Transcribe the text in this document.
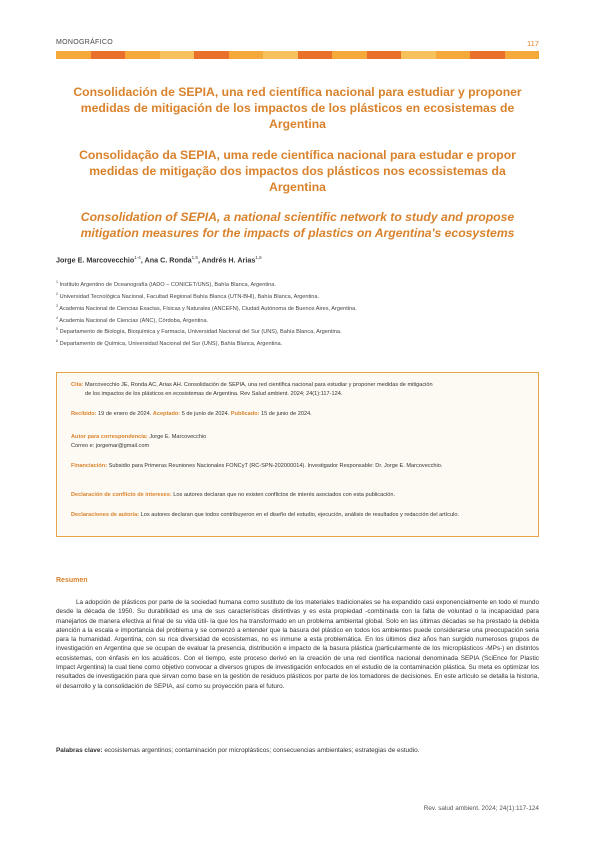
MONOGRÁFICO	117
Consolidación de SEPIA, una red científica nacional para estudiar y proponer
medidas de mitigación de los impactos de los plásticos en ecosistemas de
Argentina
Consolidação da SEPIA, uma rede científica nacional para estudar e propor
medidas de mitigação dos impactos dos plásticos nos ecossistemas da
Argentina
Consolidation of SEPIA, a national scientific network to study and propose
mitigation measures for the impacts of plastics on Argentina's ecosystems
Jorge E. Marcovecchio$^{1-4}$, Ana C. Ronda$^{1,5}$, Andrés H. Arias$^{1,6}$
$^1$ Instituto Argentino de Oceanografía (IADO – CONICET/UNS), Bahía Blanca, Argentina.
$^2$ Universidad Tecnológica Nacional, Facultad Regional Bahía Blanca (UTN-BHI), Bahía Blanca, Argentina.
$^3$ Academia Nacional de Ciencias Exactas, Físicas y Naturales (ANCEFN), Ciudad Autónoma de Buenos Aires, Argentina.
$^4$ Academia Nacional de Ciencias (ANC), Córdoba, Argentina.
$^5$ Departamento de Biología, Bioquímica y Farmacia, Universidad Nacional del Sur (UNS), Bahía Blanca, Argentina.
$^6$ Departamento de Química, Universidad Nacional del Sur (UNS), Bahía Blanca, Argentina.
Cita: Marcovecchio JE, Ronda AC, Arias AH. Consolidación de SEPIA, una red científica nacional para estudiar y proponer medidas de mitigación
de los impactos de los plásticos en ecosistemas de Argentina. Rev Salud ambient. 2024; 24(1):117-124.
Recibido: 19 de enero de 2024. Aceptado: 5 de junio de 2024. Publicado: 15 de junio de 2024.
Autor para correspondencia: Jorge E. Marcovecchio
Correo e: jorgemar@gmail.com
Financiación: Subsidio para Primeras Reuniones Nacionales FONCyT (RC-SPN-202000014). Investigador Responsable: Dr. Jorge E. Marcovecchio.
Declaración de conflicto de intereses: Los autores declaran que no existen conflictos de interés asociados con esta publicación.
Declaraciones de autoría: Los autores declaran que todos contribuyeron en el diseño del estudio, ejecución, análisis de resultados y redacción del artículo.
Resumen
La adopción de plásticos por parte de la sociedad humana como sustituto de los materiales tradicionales se ha expandido casi exponencialmente en todo el mundo desde la década de 1950. Su durabilidad es una de sus características distintivas y es esta propiedad -combinada con la falta de voluntad o la incapacidad para manejarlos de manera efectiva al final de su vida útil- la que los ha transformado en un problema ambiental global. Solo en las últimas décadas se ha prestado la debida atención a la escala e importancia del problema y se comenzó a entender que la basura del plástico en todos los ambientes puede considerarse una preocupación seria para la humanidad. Argentina, con su rica diversidad de ecosistemas, no es inmune a esta problemática. En los últimos diez años han surgido numerosos grupos de investigación en Argentina que se ocupan de evaluar la presencia, distribución e impacto de la basura plástica (particularmente de los microplásticos -MPs-) en distintos ecosistemas, con énfasis en los acuáticos. Con el tiempo, este proceso derivó en la creación de una red científica nacional denominada SEPIA (SciEnce for Plastic Impact Argentina) la cual tiene como objetivo convocar a diversos grupos de investigación enfocados en el estudio de la contaminación plástica. Su meta es optimizar los resultados de investigación para que sirvan como base en la gestión de residuos plásticos por parte de los tomadores de decisiones. En este artículo se detalla la historia, el desarrollo y la consolidación de SEPIA, así como su proyección para el futuro.
Palabras clave: ecosistemas argentinos; contaminación por microplásticos; consecuencias ambientales; estrategias de estudio.
Rev. salud ambient. 2024; 24(1):117-124
